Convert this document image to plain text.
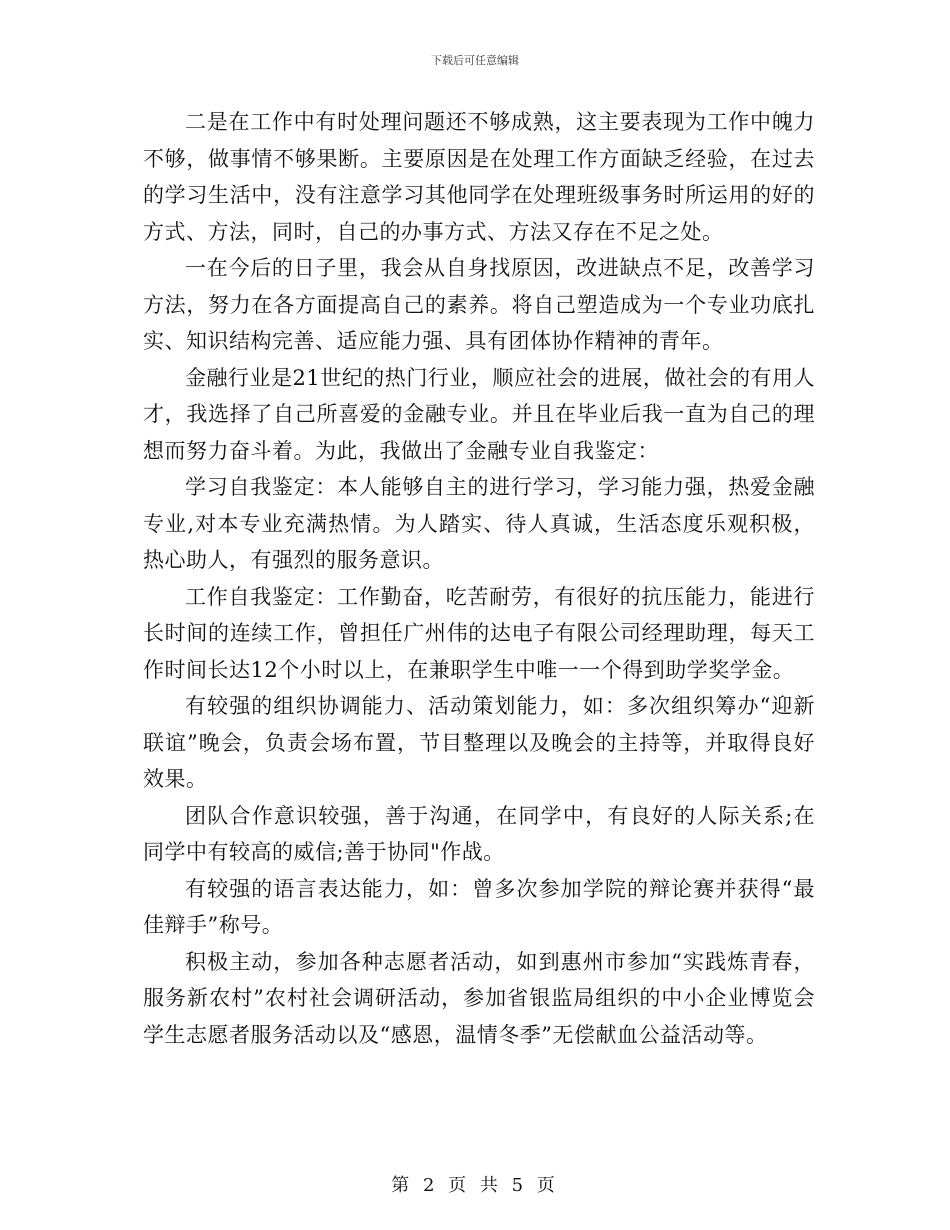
下载后可任意编辑

二是在工作中有时处理问题还不够成熟，这主要表现为工作中魄力不够，做事情不够果断。主要原因是在处理工作方面缺乏经验，在过去的学习生活中，没有注意学习其他同学在处理班级事务时所运用的好的方式、方法，同时，自己的办事方式、方法又存在不足之处。

一在今后的日子里，我会从自身找原因，改进缺点不足，改善学习方法，努力在各方面提高自己的素养。将自己塑造成为一个专业功底扎实、知识结构完善、适应能力强、具有团体协作精神的青年。

金融行业是21世纪的热门行业，顺应社会的进展，做社会的有用人才，我选择了自己所喜爱的金融专业。并且在毕业后我一直为自己的理想而努力奋斗着。为此，我做出了金融专业自我鉴定：

学习自我鉴定：本人能够自主的进行学习，学习能力强，热爱金融专业,对本专业充满热情。为人踏实、待人真诚，生活态度乐观积极，热心助人，有强烈的服务意识。

工作自我鉴定：工作勤奋，吃苦耐劳，有很好的抗压能力，能进行长时间的连续工作，曾担任广州伟的达电子有限公司经理助理，每天工作时间长达12个小时以上，在兼职学生中唯一一个得到助学奖学金。

有较强的组织协调能力、活动策划能力，如：多次组织筹办“迎新联谊”晚会，负责会场布置，节目整理以及晚会的主持等，并取得良好效果。

团队合作意识较强，善于沟通，在同学中，有良好的人际关系;在同学中有较高的威信;善于协同"作战。

有较强的语言表达能力，如：曾多次参加学院的辩论赛并获得“最佳辩手”称号。

积极主动，参加各种志愿者活动，如到惠州市参加“实践炼青春，服务新农村”农村社会调研活动，参加省银监局组织的中小企业博览会学生志愿者服务活动以及“感恩，温情冬季”无偿献血公益活动等。

第 2 页 共 5 页
